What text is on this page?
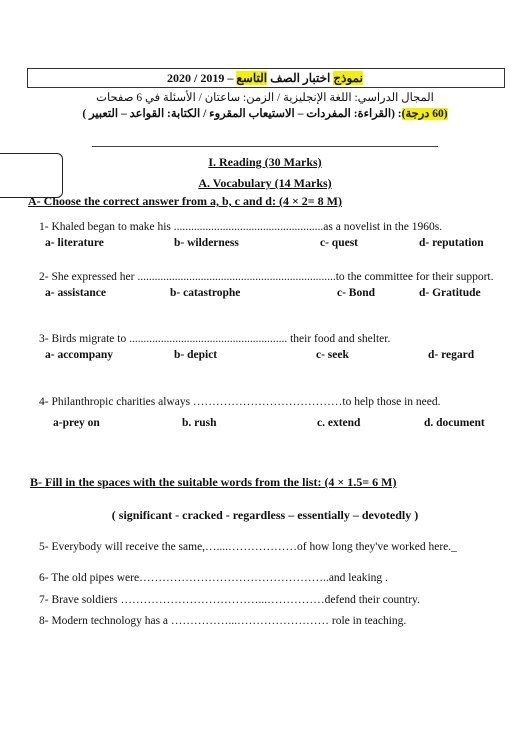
نموذج اختبار الصف التاسع – 2019 / 2020
المجال الدراسي: اللغة الإنجليزية / الزمن: ساعتان / الأسئلة في 6 صفحات
(60 درجة): (القراءة: المفردات – الاستيعاب المقروء / الكتابة: القواعد – التعبير )
I. Reading (30 Marks)
A. Vocabulary (14 Marks)
A- Choose the correct answer from a, b, c and d: (4 × 2= 8 M)
1- Khaled began to make his ....................................................as a novelist in the 1960s.
a- literature	b- wilderness	c- quest	d- reputation
2- She expressed her .....................................................................to the committee for their support.
a- assistance	b- catastrophe	c- Bond	d- Gratitude
3- Birds migrate to ....................................................... their food and shelter.
a- accompany	b- depict	c- seek	d- regard
4- Philanthropic charities always …………………………………to help those in need.
a-prey on	b. rush	c. extend	d. document
B- Fill in the spaces with the suitable words from the list: (4 × 1.5= 6 M)
( significant - cracked - regardless – essentially – devotedly )
5- Everybody will receive the same,…....………………of how long they've worked here._
6- The old pipes were…………………………………………..and leaking .
7- Brave soldiers ………………………………...……………defend their country.
8- Modern technology has a ……………...…………………… role in teaching.
